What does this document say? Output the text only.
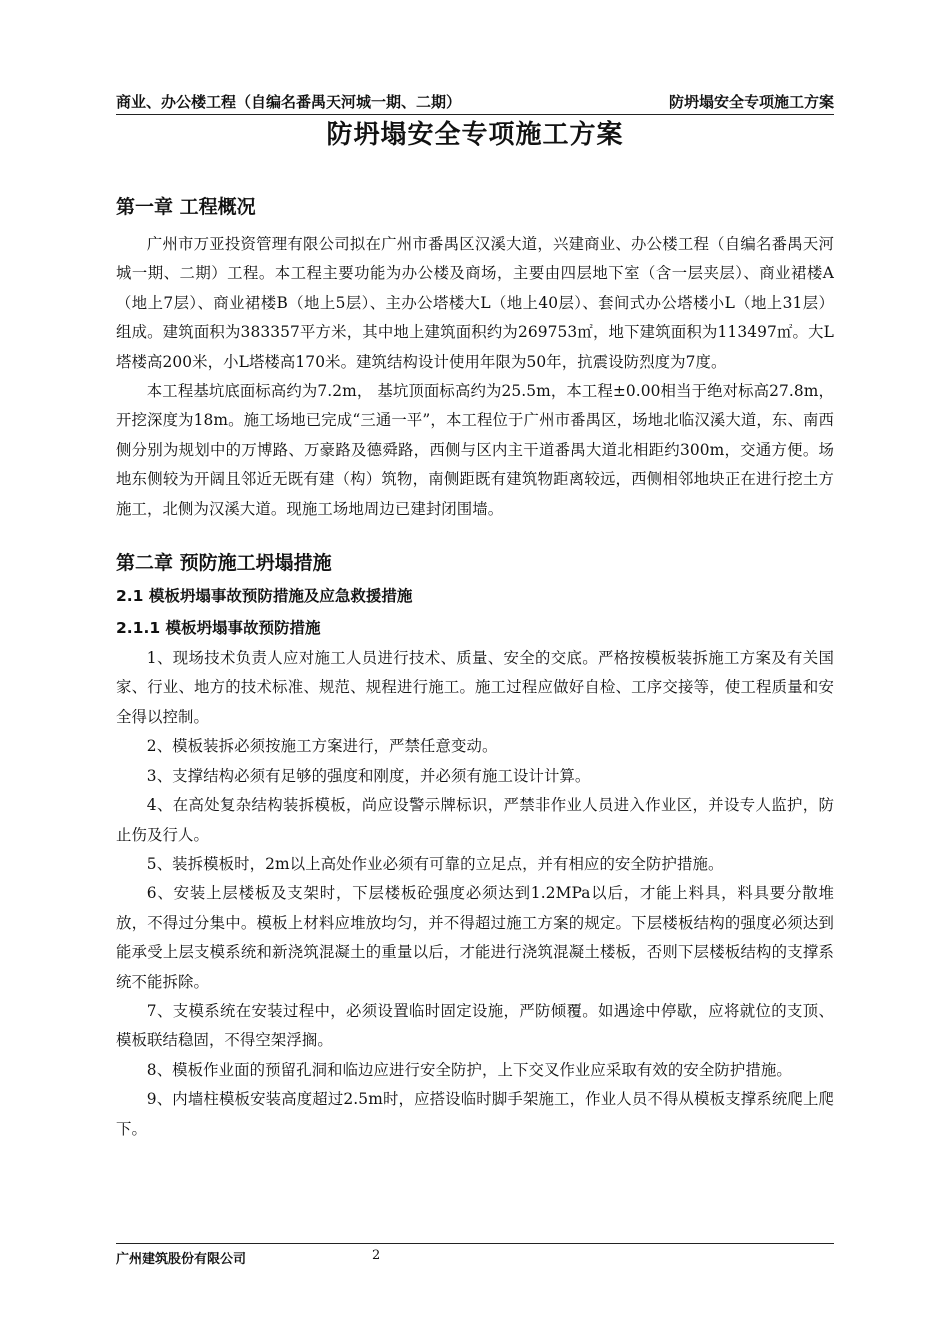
商业、办公楼工程（自编名番禺天河城一期、二期）	防坍塌安全专项施工方案
防坍塌安全专项施工方案
第一章 工程概况

广州市万亚投资管理有限公司拟在广州市番禺区汉溪大道，兴建商业、办公楼工程（自编名番禺天河城一期、二期）工程。本工程主要功能为办公楼及商场，主要由四层地下室（含一层夹层）、商业裙楼A（地上7层）、商业裙楼B（地上5层）、主办公塔楼大L（地上40层）、套间式办公塔楼小L（地上31层）组成。建筑面积为383357平方米，其中地上建筑面积约为269753㎡，地下建筑面积为113497㎡。大L塔楼高200米，小L塔楼高170米。建筑结构设计使用年限为50年，抗震设防烈度为7度。

本工程基坑底面标高约为7.2m， 基坑顶面标高约为25.5m，本工程±0.00相当于绝对标高27.8m，开挖深度为18m。施工场地已完成“三通一平”，本工程位于广州市番禺区，场地北临汉溪大道，东、南西侧分别为规划中的万博路、万豪路及德舜路，西侧与区内主干道番禺大道北相距约300m，交通方便。场地东侧较为开阔且邻近无既有建（构）筑物，南侧距既有建筑物距离较远，西侧相邻地块正在进行挖土方施工，北侧为汉溪大道。现施工场地周边已建封闭围墙。

第二章 预防施工坍塌措施
2.1 模板坍塌事故预防措施及应急救援措施
2.1.1 模板坍塌事故预防措施

1、现场技术负责人应对施工人员进行技术、质量、安全的交底。严格按模板装拆施工方案及有关国家、行业、地方的技术标准、规范、规程进行施工。施工过程应做好自检、工序交接等，使工程质量和安全得以控制。

2、模板装拆必须按施工方案进行，严禁任意变动。

3、支撑结构必须有足够的强度和刚度，并必须有施工设计计算。

4、在高处复杂结构装拆模板，尚应设警示牌标识，严禁非作业人员进入作业区，并设专人监护，防止伤及行人。

5、装拆模板时，2m以上高处作业必须有可靠的立足点，并有相应的安全防护措施。

6、安装上层楼板及支架时，下层楼板砼强度必须达到1.2MPa以后，才能上料具，料具要分散堆放，不得过分集中。模板上材料应堆放均匀，并不得超过施工方案的规定。下层楼板结构的强度必须达到能承受上层支模系统和新浇筑混凝土的重量以后，才能进行浇筑混凝土楼板，否则下层楼板结构的支撑系统不能拆除。

7、支模系统在安装过程中，必须设置临时固定设施，严防倾覆。如遇途中停歇，应将就位的支顶、模板联结稳固，不得空架浮搁。

8、模板作业面的预留孔洞和临边应进行安全防护，上下交叉作业应采取有效的安全防护措施。

9、内墙柱模板安装高度超过2.5m时，应搭设临时脚手架施工，作业人员不得从模板支撑系统爬上爬下。

广州建筑股份有限公司	2
